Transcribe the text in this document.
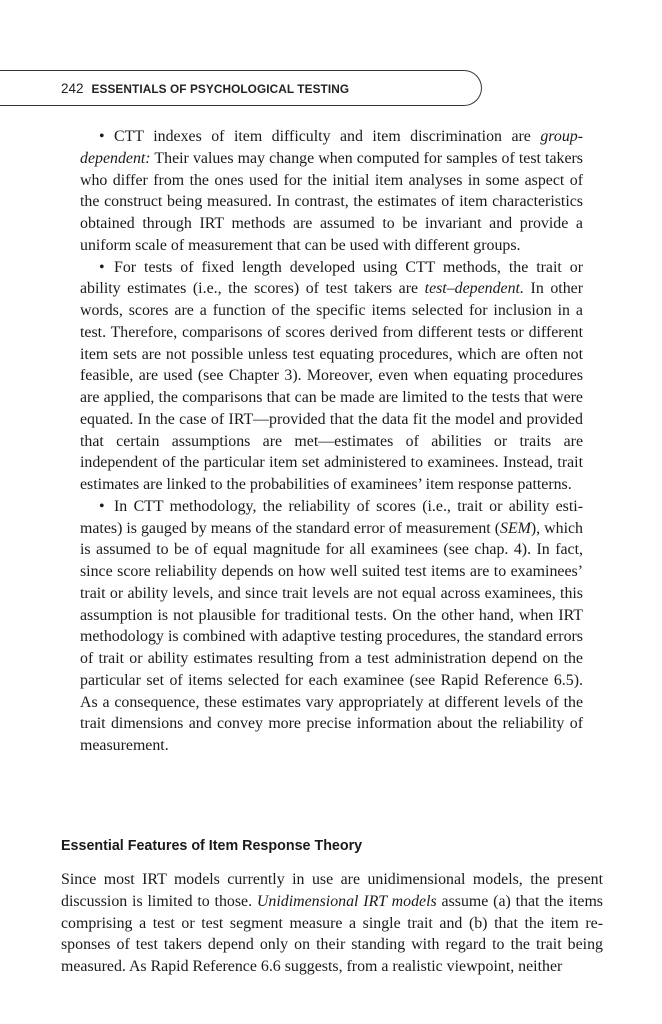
242 ESSENTIALS OF PSYCHOLOGICAL TESTING

• CTT indexes of item difficulty and item discrimination are group-dependent: Their values may change when computed for samples of test takers who differ from the ones used for the initial item analyses in some aspect of the construct being measured. In contrast, the estimates of item characteristics obtained through IRT methods are assumed to be invariant and provide a uniform scale of measurement that can be used with different groups.

• For tests of fixed length developed using CTT methods, the trait or ability estimates (i.e., the scores) of test takers are test–dependent. In other words, scores are a function of the specific items selected for inclusion in a test. Therefore, comparisons of scores derived from different tests or different item sets are not possible unless test equating procedures, which are often not feasible, are used (see Chapter 3). Moreover, even when equating procedures are applied, the comparisons that can be made are limited to the tests that were equated. In the case of IRT—provided that the data fit the model and provided that certain assumptions are met—estimates of abilities or traits are independent of the particular item set administered to examinees. Instead, trait estimates are linked to the probabilities of examinees’ item response patterns.

• In CTT methodology, the reliability of scores (i.e., trait or ability estimates) is gauged by means of the standard error of measurement (SEM), which is assumed to be of equal magnitude for all examinees (see chap. 4). In fact, since score reliability depends on how well suited test items are to examinees’ trait or ability levels, and since trait levels are not equal across examinees, this assumption is not plausible for traditional tests. On the other hand, when IRT methodology is combined with adaptive testing procedures, the standard errors of trait or ability estimates resulting from a test administration depend on the particular set of items selected for each examinee (see Rapid Reference 6.5). As a consequence, these estimates vary appropriately at different levels of the trait dimensions and convey more precise information about the reliability of measurement.

Essential Features of Item Response Theory

Since most IRT models currently in use are unidimensional models, the present discussion is limited to those. Unidimensional IRT models assume (a) that the items comprising a test or test segment measure a single trait and (b) that the item responses of test takers depend only on their standing with regard to the trait being measured. As Rapid Reference 6.6 suggests, from a realistic viewpoint, neither
